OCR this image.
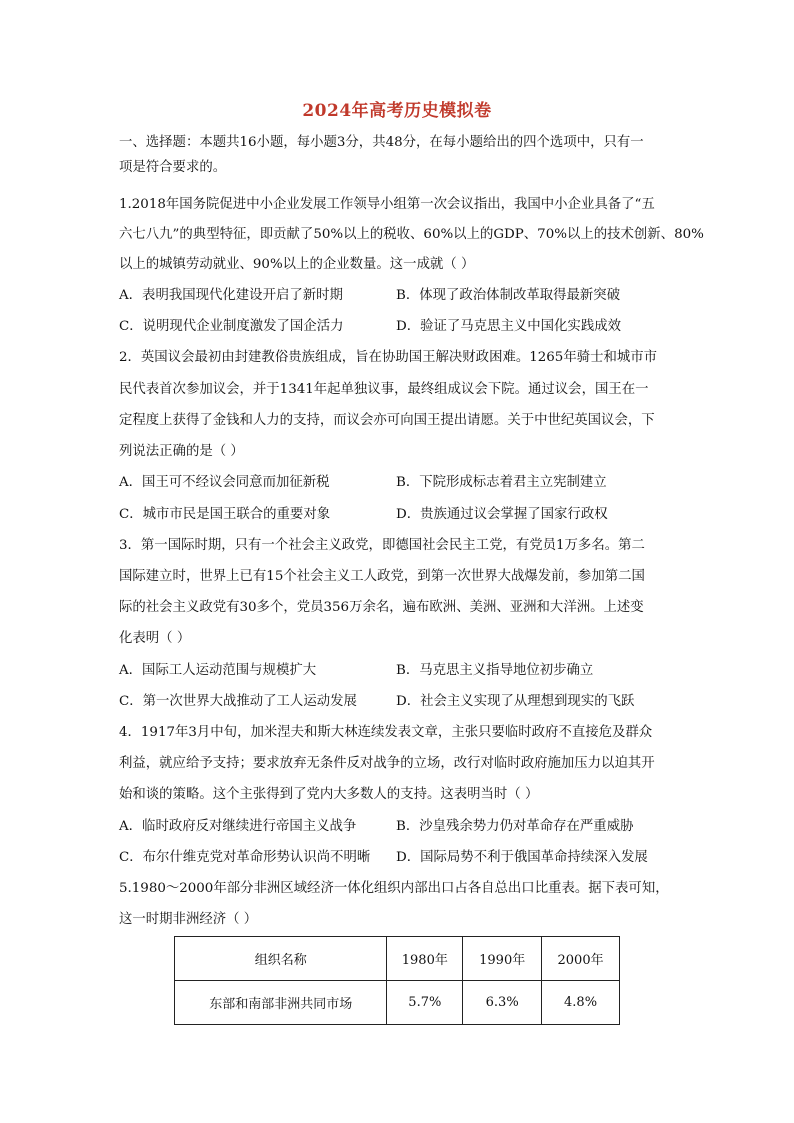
2024年高考历史模拟卷
一、选择题：本题共16小题，每小题3分，共48分，在每小题给出的四个选项中，只有一
项是符合要求的。
1.2018年国务院促进中小企业发展工作领导小组第一次会议指出，我国中小企业具备了“五
六七八九”的典型特征，即贡献了50%以上的税收、60%以上的GDP、70%以上的技术创新、80%
以上的城镇劳动就业、90%以上的企业数量。这一成就（ ）
A．表明我国现代化建设开启了新时期	B．体现了政治体制改革取得最新突破
C．说明现代企业制度激发了国企活力	D．验证了马克思主义中国化实践成效
2．英国议会最初由封建教俗贵族组成，旨在协助国王解决财政困难。1265年骑士和城市市
民代表首次参加议会，并于1341年起单独议事，最终组成议会下院。通过议会，国王在一
定程度上获得了金钱和人力的支持，而议会亦可向国王提出请愿。关于中世纪英国议会，下
列说法正确的是（ ）
A．国王可不经议会同意而加征新税	B．下院形成标志着君主立宪制建立
C．城市市民是国王联合的重要对象	D．贵族通过议会掌握了国家行政权
3．第一国际时期，只有一个社会主义政党，即德国社会民主工党，有党员1万多名。第二
国际建立时，世界上已有15个社会主义工人政党，到第一次世界大战爆发前，参加第二国
际的社会主义政党有30多个，党员356万余名，遍布欧洲、美洲、亚洲和大洋洲。上述变
化表明（ ）
A．国际工人运动范围与规模扩大	B．马克思主义指导地位初步确立
C．第一次世界大战推动了工人运动发展	D．社会主义实现了从理想到现实的飞跃
4．1917年3月中旬，加米涅夫和斯大林连续发表文章，主张只要临时政府不直接危及群众
利益，就应给予支持；要求放弃无条件反对战争的立场，改行对临时政府施加压力以迫其开
始和谈的策略。这个主张得到了党内大多数人的支持。这表明当时（ ）
A．临时政府反对继续进行帝国主义战争	B．沙皇残余势力仍对革命存在严重威胁
C．布尔什维克党对革命形势认识尚不明晰 D．国际局势不利于俄国革命持续深入发展
5.1980～2000年部分非洲区域经济一体化组织内部出口占各自总出口比重表。据下表可知，
这一时期非洲经济（ ）
组织名称	1980年	1990年	2000年
东部和南部非洲共同市场	5.7%	6.3%	4.8%
